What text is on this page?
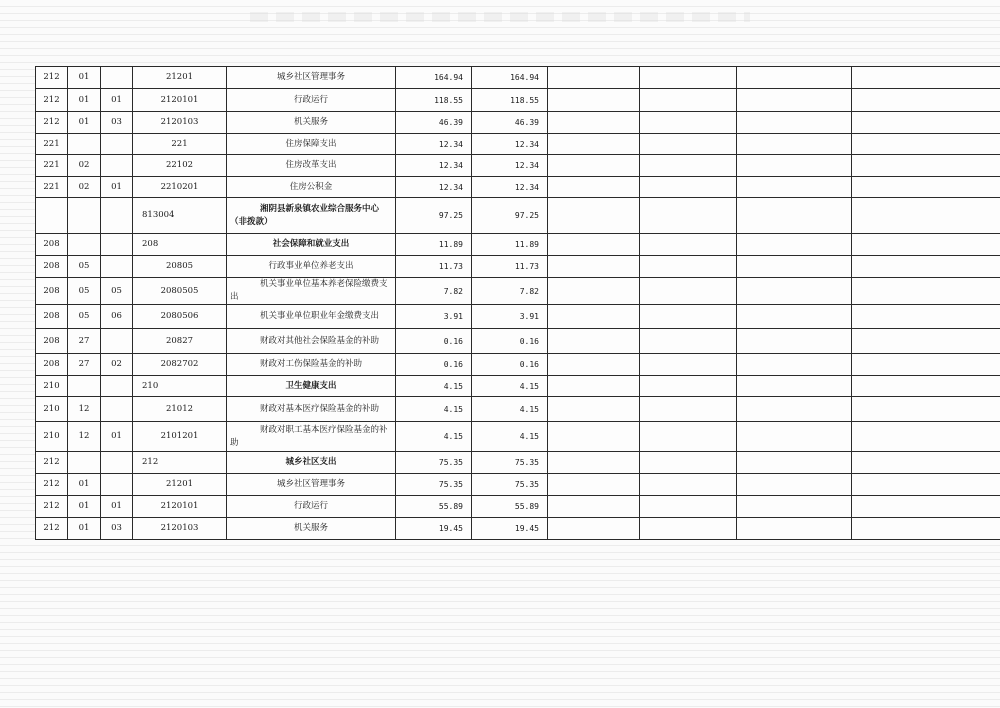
212	01		21201	城乡社区管理事务	164.94	164.94				
212	01	01	2120101	行政运行	118.55	118.55				
212	01	03	2120103	机关服务	46.39	46.39				
221			221	住房保障支出	12.34	12.34				
221	02		22102	住房改革支出	12.34	12.34				
221	02	01	2210201	住房公积金	12.34	12.34				
			813004	湘阴县新泉镇农业综合服务中心（非拨款）	97.25	97.25				
208			208	社会保障和就业支出	11.89	11.89				
208	05		20805	行政事业单位养老支出	11.73	11.73				
208	05	05	2080505	机关事业单位基本养老保险缴费支出	7.82	7.82				
208	05	06	2080506	机关事业单位职业年金缴费支出	3.91	3.91				
208	27		20827	财政对其他社会保险基金的补助	0.16	0.16				
208	27	02	2082702	财政对工伤保险基金的补助	0.16	0.16				
210			210	卫生健康支出	4.15	4.15				
210	12		21012	财政对基本医疗保险基金的补助	4.15	4.15				
210	12	01	2101201	财政对职工基本医疗保险基金的补助	4.15	4.15				
212			212	城乡社区支出	75.35	75.35				
212	01		21201	城乡社区管理事务	75.35	75.35				
212	01	01	2120101	行政运行	55.89	55.89				
212	01	03	2120103	机关服务	19.45	19.45				
